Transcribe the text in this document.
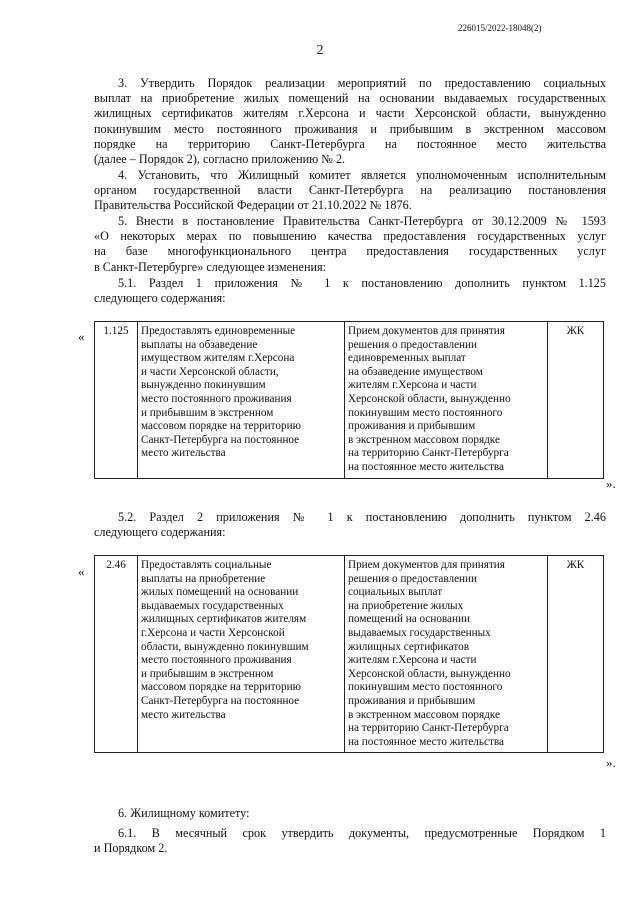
226015/2022-18048(2)
2
3. Утвердить Порядок реализации мероприятий по предоставлению социальных
выплат на приобретение жилых помещений на основании выдаваемых государственных
жилищных сертификатов жителям г.Херсона и части Херсонской области, вынужденно
покинувшим место постоянного проживания и прибывшим в экстренном массовом
порядке на территорию Санкт-Петербурга на постоянное место жительства
(далее – Порядок 2), согласно приложению № 2.
4. Установить, что Жилищный комитет является уполномоченным исполнительным
органом государственной власти Санкт-Петербурга на реализацию постановления
Правительства Российской Федерации от 21.10.2022 № 1876.
5. Внести в постановление Правительства Санкт-Петербурга от 30.12.2009 № 1593
«О некоторых мерах по повышению качества предоставления государственных услуг
на базе многофункционального центра предоставления государственных услуг
в Санкт-Петербурге» следующее изменения:
5.1. Раздел 1 приложения № 1 к постановлению дополнить пунктом 1.125
следующего содержания:
« 1.125	Предоставлять единовременные
выплаты на обзаведение
имуществом жителям г.Херсона
и части Херсонской области,
вынужденно покинувшим
место постоянного проживания
и прибывшим в экстренном
массовом порядке на территорию
Санкт-Петербурга на постоянное
место жительства

Прием документов для принятия
решения о предоставлении
единовременных выплат
на обзаведение имуществом
жителям г.Херсона и части
Херсонской области, вынужденно
покинувшим место постоянного
проживания и прибывшим
в экстренном массовом порядке
на территорию Санкт-Петербурга
на постоянное место жительства
	ЖК
».
5.2. Раздел 2 приложения № 1 к постановлению дополнить пунктом 2.46
следующего содержания:
« 2.46	Предоставлять социальные
выплаты на приобретение
жилых помещений на основании
выдаваемых государственных
жилищных сертификатов жителям
г.Херсона и части Херсонской
области, вынужденно покинувшим
место постоянного проживания
и прибывшим в экстренном
массовом порядке на территорию
Санкт-Петербурга на постоянное
место жительства

Прием документов для принятия
решения о предоставлении
социальных выплат
на приобретение жилых
помещений на основании
выдаваемых государственных
жилищных сертификатов
жителям г.Херсона и части
Херсонской области, вынужденно
покинувшим место постоянного
проживания и прибывшим
в экстренном массовом порядке
на территорию Санкт-Петербурга
на постоянное место жительства
	ЖК
».
6. Жилищному комитету:
6.1. В месячный срок утвердить документы, предусмотренные Порядком 1
и Порядком 2.
